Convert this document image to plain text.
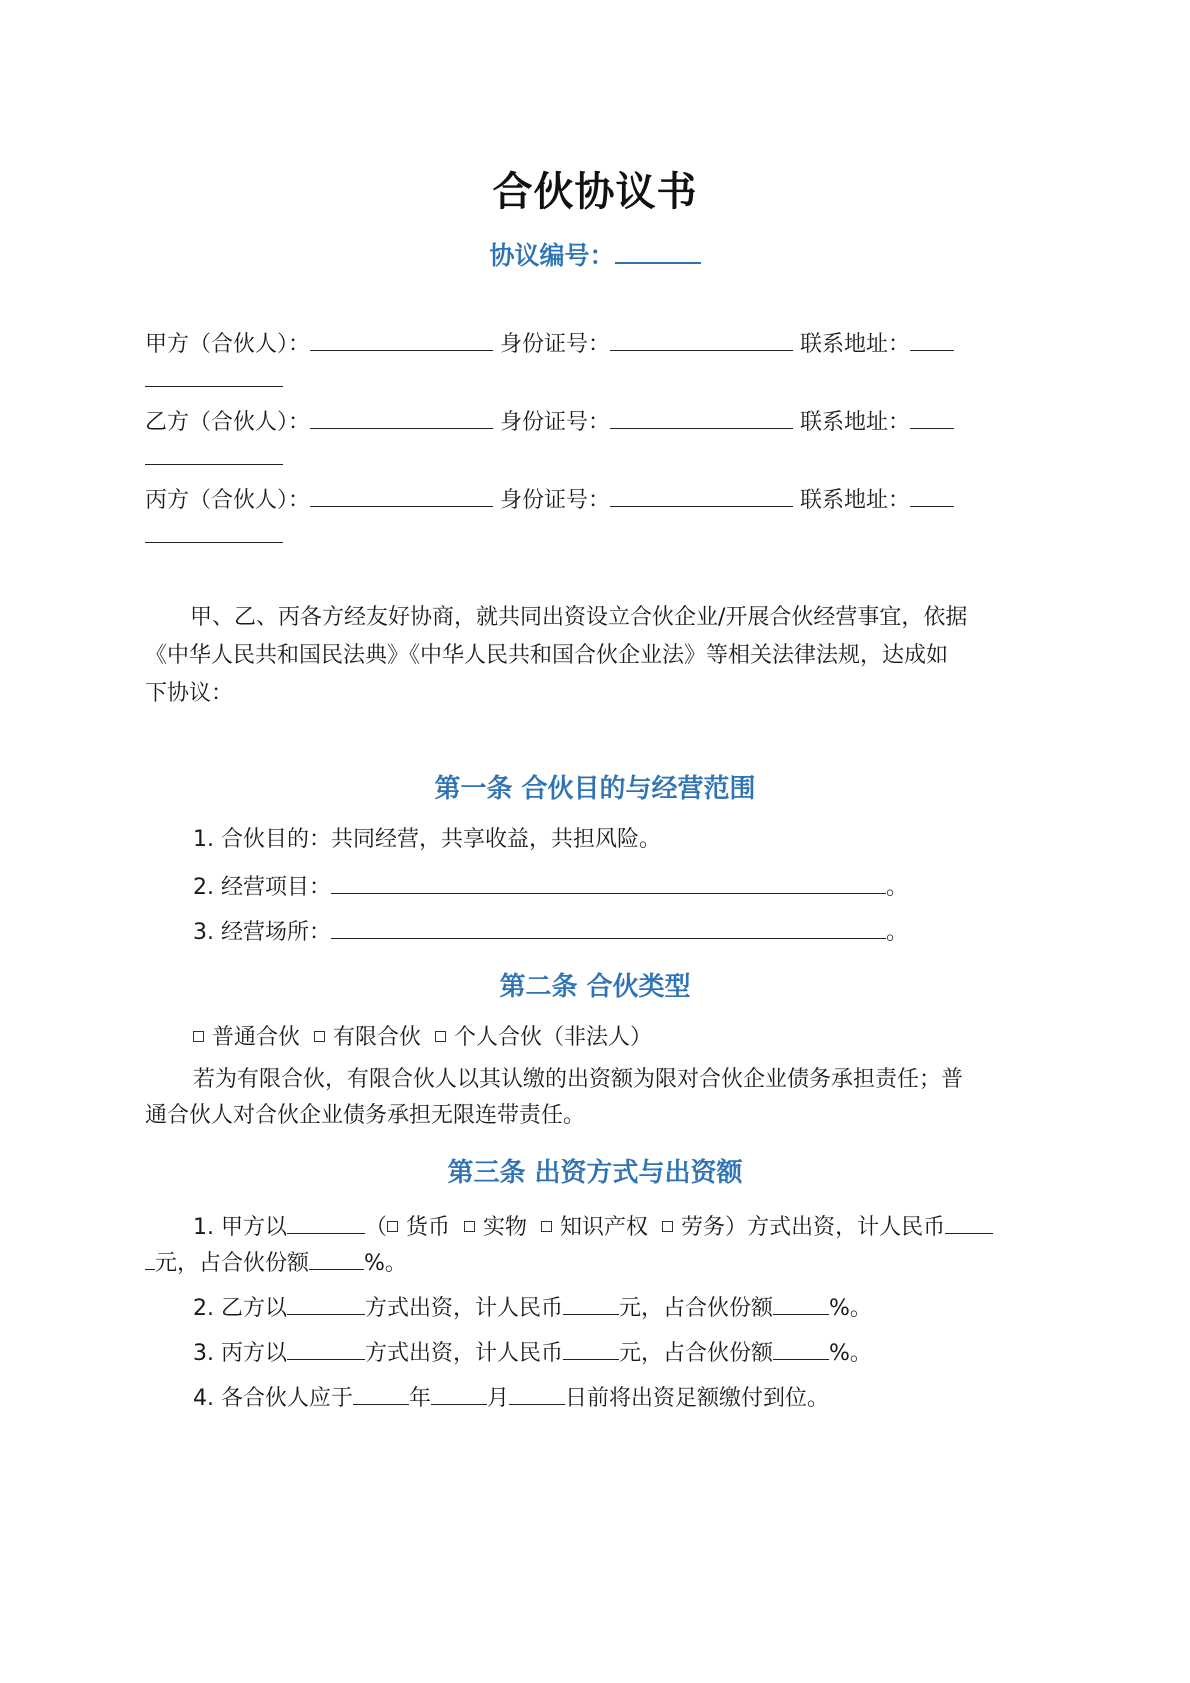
合伙协议书
协议编号：
甲方（合伙人）：	身份证号：	联系地址：
乙方（合伙人）：	身份证号：	联系地址：
丙方（合伙人）：	身份证号：	联系地址：
甲、乙、丙各方经友好协商，就共同出资设立合伙企业/开展合伙经营事宜，依据
《中华人民共和国民法典》《中华人民共和国合伙企业法》等相关法律法规，达成如
下协议：
第一条 合伙目的与经营范围
1. 合伙目的：共同经营，共享收益，共担风险。
2. 经营项目：	。
3. 经营场所：	。
第二条 合伙类型
普通合伙 有限合伙 个人合伙（非法人）
若为有限合伙，有限合伙人以其认缴的出资额为限对合伙企业债务承担责任；普
通合伙人对合伙企业债务承担无限连带责任。
第三条 出资方式与出资额
1. 甲方以	（ 货币 实物 知识产权 劳务）方式出资，计人民币
元，占合伙份额	%。
2. 乙方以	方式出资，计人民币	元，占合伙份额	%。
3. 丙方以	方式出资，计人民币	元，占合伙份额	%。
4. 各合伙人应于	年	月	日前将出资足额缴付到位。
